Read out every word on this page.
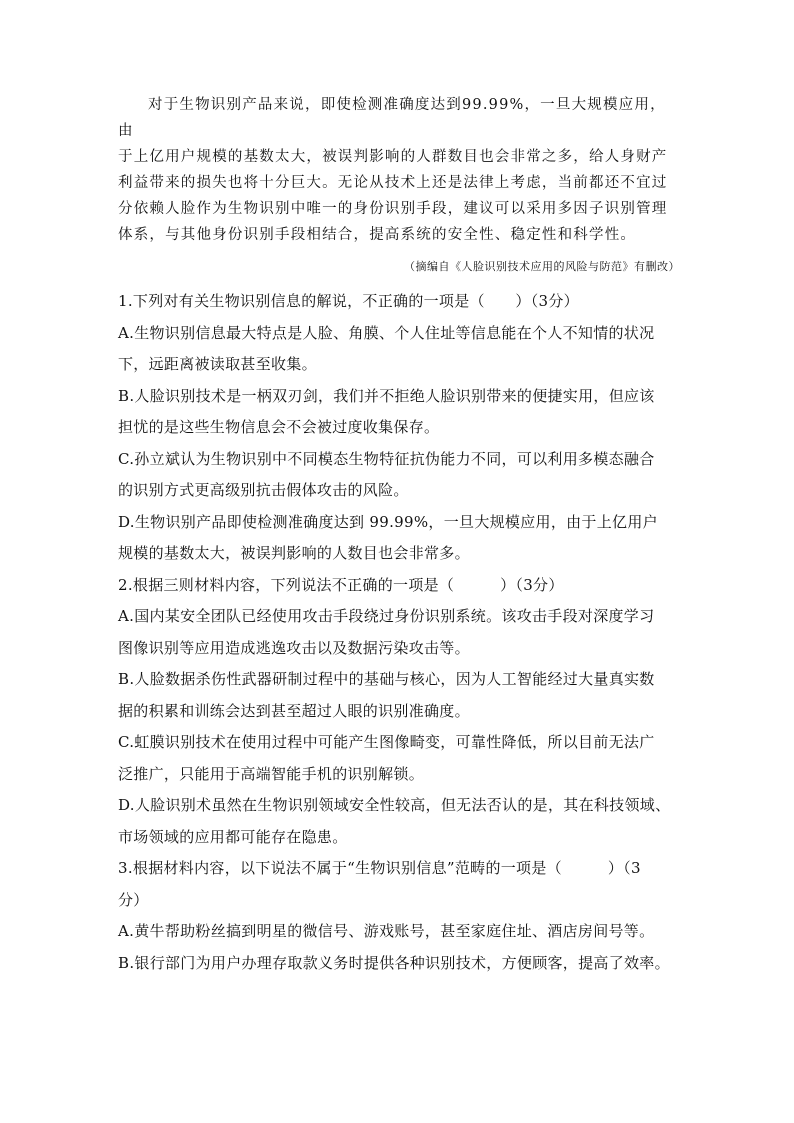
对于生物识别产品来说，即使检测准确度达到99.99%，一旦大规模应用，由

于上亿用户规模的基数太大，被误判影响的人群数目也会非常之多，给人身财产

利益带来的损失也将十分巨大。无论从技术上还是法律上考虑，当前都还不宜过

分依赖人脸作为生物识别中唯一的身份识别手段，建议可以采用多因子识别管理

体系，与其他身份识别手段相结合，提高系统的安全性、稳定性和科学性。

（摘编自《人脸识别技术应用的风险与防范》有删改）
1.下列对有关生物识别信息的解说，不正确的一项是（　　）（3分）
A.生物识别信息最大特点是人脸、角膜、个人住址等信息能在个人不知情的状况
下，远距离被读取甚至收集。
B.人脸识别技术是一柄双刃剑，我们并不拒绝人脸识别带来的便捷实用，但应该
担忧的是这些生物信息会不会被过度收集保存。
C.孙立斌认为生物识别中不同模态生物特征抗伪能力不同，可以利用多模态融合
的识别方式更高级别抗击假体攻击的风险。
D.生物识别产品即使检测准确度达到 99.99%，一旦大规模应用，由于上亿用户
规模的基数太大，被误判影响的人数目也会非常多。
2.根据三则材料内容，下列说法不正确的一项是（　　　）（3分）
A.国内某安全团队已经使用攻击手段绕过身份识别系统。该攻击手段对深度学习
图像识别等应用造成逃逸攻击以及数据污染攻击等。
B.人脸数据杀伤性武器研制过程中的基础与核心，因为人工智能经过大量真实数
据的积累和训练会达到甚至超过人眼的识别准确度。
C.虹膜识别技术在使用过程中可能产生图像畸变，可靠性降低，所以目前无法广
泛推广，只能用于高端智能手机的识别解锁。
D.人脸识别术虽然在生物识别领域安全性较高，但无法否认的是，其在科技领域、
市场领域的应用都可能存在隐患。
3.根据材料内容，以下说法不属于“生物识别信息”范畴的一项是（　　　）（3
分）
A.黄牛帮助粉丝搞到明星的微信号、游戏账号，甚至家庭住址、酒店房间号等。
B.银行部门为用户办理存取款义务时提供各种识别技术，方便顾客，提高了效率。
